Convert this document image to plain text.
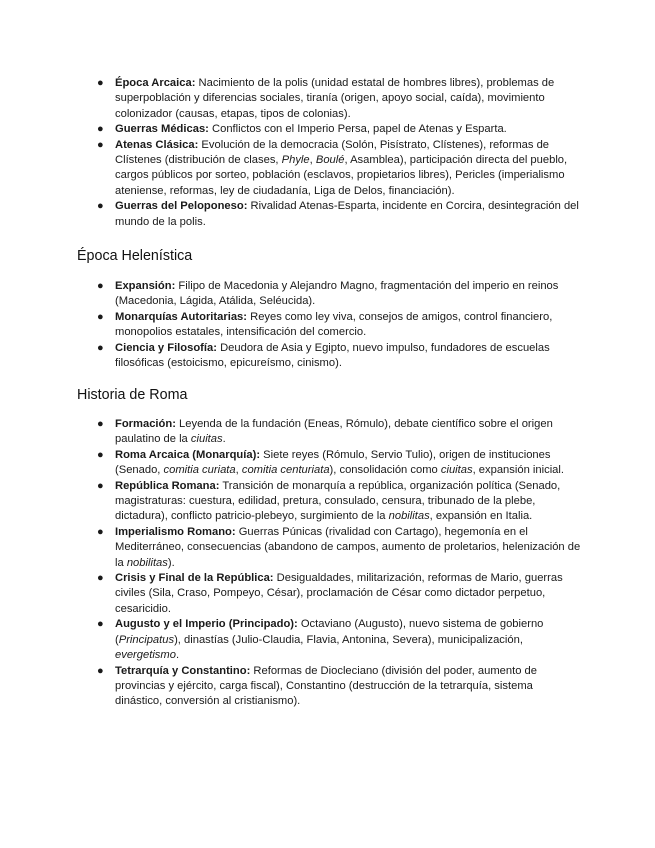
● Época Arcaica: Nacimiento de la polis (unidad estatal de hombres libres), problemas de superpoblación y diferencias sociales, tiranía (origen, apoyo social, caída), movimiento colonizador (causas, etapas, tipos de colonias).
● Guerras Médicas: Conflictos con el Imperio Persa, papel de Atenas y Esparta.
● Atenas Clásica: Evolución de la democracia (Solón, Pisístrato, Clístenes), reformas de Clístenes (distribución de clases, Phyle, Boulé, Asamblea), participación directa del pueblo, cargos públicos por sorteo, población (esclavos, propietarios libres), Pericles (imperialismo ateniense, reformas, ley de ciudadanía, Liga de Delos, financiación).
● Guerras del Peloponeso: Rivalidad Atenas-Esparta, incidente en Corcira, desintegración del mundo de la polis.
Época Helenística
● Expansión: Filipo de Macedonia y Alejandro Magno, fragmentación del imperio en reinos (Macedonia, Lágida, Atálida, Seléucida).
● Monarquías Autoritarias: Reyes como ley viva, consejos de amigos, control financiero, monopolios estatales, intensificación del comercio.
● Ciencia y Filosofía: Deudora de Asia y Egipto, nuevo impulso, fundadores de escuelas filosóficas (estoicismo, epicureísmo, cinismo).
Historia de Roma
● Formación: Leyenda de la fundación (Eneas, Rómulo), debate científico sobre el origen paulatino de la ciuitas.
● Roma Arcaica (Monarquía): Siete reyes (Rómulo, Servio Tulio), origen de instituciones (Senado, comitia curiata, comitia centuriata), consolidación como ciuitas, expansión inicial.
● República Romana: Transición de monarquía a república, organización política (Senado, magistraturas: cuestura, edilidad, pretura, consulado, censura, tribunado de la plebe, dictadura), conflicto patricio-plebeyo, surgimiento de la nobilitas, expansión en Italia.
● Imperialismo Romano: Guerras Púnicas (rivalidad con Cartago), hegemonía en el Mediterráneo, consecuencias (abandono de campos, aumento de proletarios, helenización de la nobilitas).
● Crisis y Final de la República: Desigualdades, militarización, reformas de Mario, guerras civiles (Sila, Craso, Pompeyo, César), proclamación de César como dictador perpetuo, cesaricidio.
● Augusto y el Imperio (Principado): Octaviano (Augusto), nuevo sistema de gobierno (Principatus), dinastías (Julio-Claudia, Flavia, Antonina, Severa), municipalización, evergetismo.
● Tetrarquía y Constantino: Reformas de Diocleciano (división del poder, aumento de provincias y ejército, carga fiscal), Constantino (destrucción de la tetrarquía, sistema dinástico, conversión al cristianismo).
